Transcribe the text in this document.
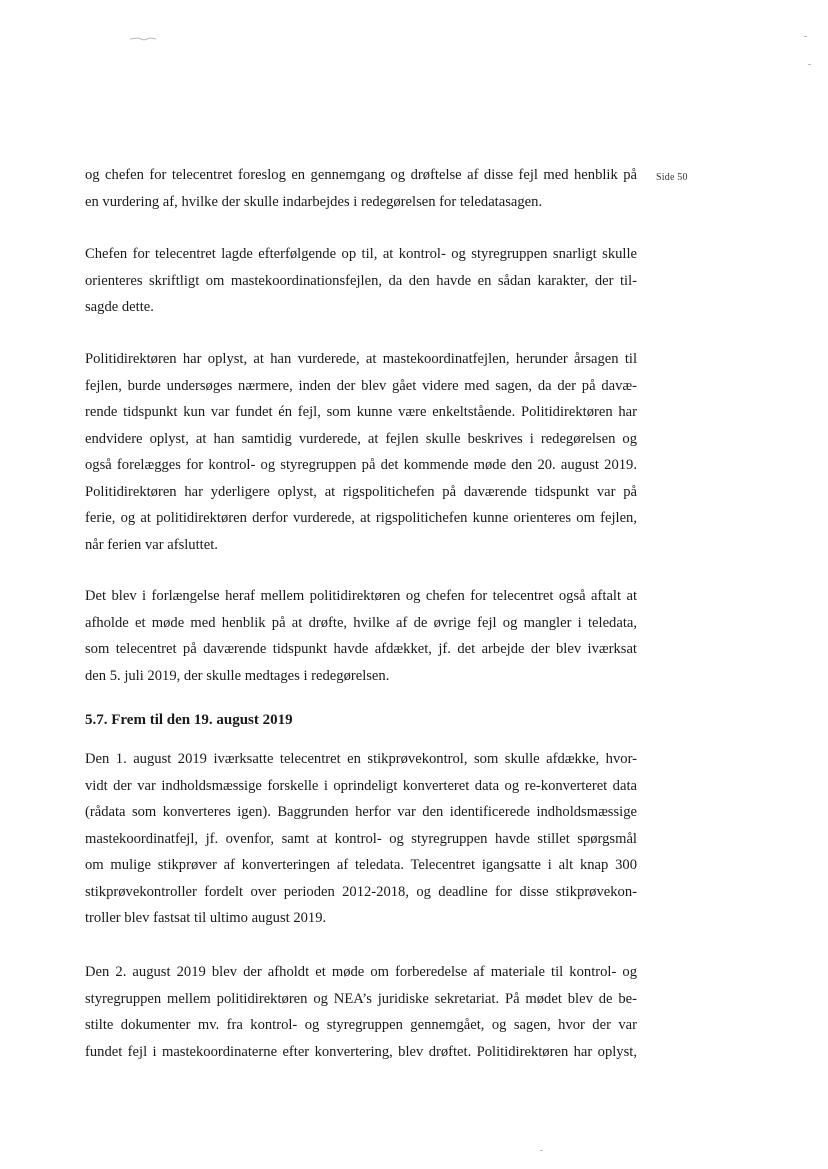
Side 50

og chefen for telecentret foreslog en gennemgang og drøftelse af disse fejl med henblik på
en vurdering af, hvilke der skulle indarbejdes i redegørelsen for teledatasagen.

Chefen for telecentret lagde efterfølgende op til, at kontrol- og styregruppen snarligt skulle
orienteres skriftligt om mastekoordinationsfejlen, da den havde en sådan karakter, der til-
sagde dette.

Politidirektøren har oplyst, at han vurderede, at mastekoordinatfejlen, herunder årsagen til
fejlen, burde undersøges nærmere, inden der blev gået videre med sagen, da der på davæ-
rende tidspunkt kun var fundet én fejl, som kunne være enkeltstående. Politidirektøren har
endvidere oplyst, at han samtidig vurderede, at fejlen skulle beskrives i redegørelsen og
også forelægges for kontrol- og styregruppen på det kommende møde den 20. august 2019.
Politidirektøren har yderligere oplyst, at rigspolitichefen på daværende tidspunkt var på
ferie, og at politidirektøren derfor vurderede, at rigspolitichefen kunne orienteres om fejlen,
når ferien var afsluttet.

Det blev i forlængelse heraf mellem politidirektøren og chefen for telecentret også aftalt at
afholde et møde med henblik på at drøfte, hvilke af de øvrige fejl og mangler i teledata,
som telecentret på daværende tidspunkt havde afdækket, jf. det arbejde der blev iværksat
den 5. juli 2019, der skulle medtages i redegørelsen.

5.7. Frem til den 19. august 2019

Den 1. august 2019 iværksatte telecentret en stikprøvekontrol, som skulle afdække, hvor-
vidt der var indholdsmæssige forskelle i oprindeligt konverteret data og re-konverteret data
(rådata som konverteres igen). Baggrunden herfor var den identificerede indholdsmæssige
mastekoordinatfejl, jf. ovenfor, samt at kontrol- og styregruppen havde stillet spørgsmål
om mulige stikprøver af konverteringen af teledata. Telecentret igangsatte i alt knap 300
stikprøvekontroller fordelt over perioden 2012-2018, og deadline for disse stikprøvekon-
troller blev fastsat til ultimo august 2019.

Den 2. august 2019 blev der afholdt et møde om forberedelse af materiale til kontrol- og
styregruppen mellem politidirektøren og NEA’s juridiske sekretariat. På mødet blev de be-
stilte dokumenter mv. fra kontrol- og styregruppen gennemgået, og sagen, hvor der var
fundet fejl i mastekoordinaterne efter konvertering, blev drøftet. Politidirektøren har oplyst,
